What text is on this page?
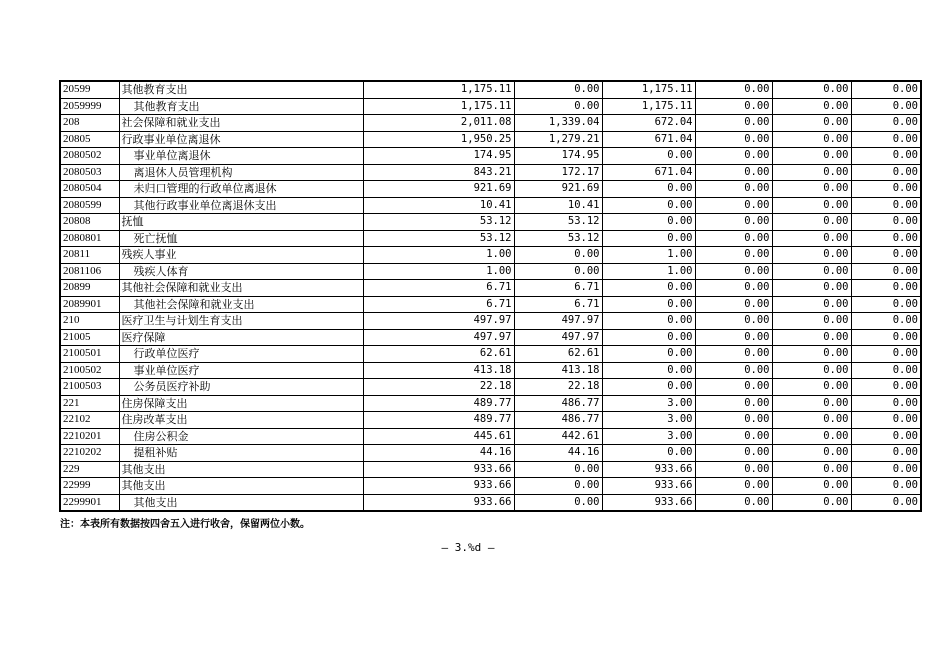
20599	其他教育支出	1,175.11	0.00	1,175.11	0.00	0.00	0.00
2059999	其他教育支出	1,175.11	0.00	1,175.11	0.00	0.00	0.00
208	社会保障和就业支出	2,011.08	1,339.04	672.04	0.00	0.00	0.00
20805	行政事业单位离退休	1,950.25	1,279.21	671.04	0.00	0.00	0.00
2080502	事业单位离退休	174.95	174.95	0.00	0.00	0.00	0.00
2080503	离退休人员管理机构	843.21	172.17	671.04	0.00	0.00	0.00
2080504	未归口管理的行政单位离退休	921.69	921.69	0.00	0.00	0.00	0.00
2080599	其他行政事业单位离退休支出	10.41	10.41	0.00	0.00	0.00	0.00
20808	抚恤	53.12	53.12	0.00	0.00	0.00	0.00
2080801	死亡抚恤	53.12	53.12	0.00	0.00	0.00	0.00
20811	残疾人事业	1.00	0.00	1.00	0.00	0.00	0.00
2081106	残疾人体育	1.00	0.00	1.00	0.00	0.00	0.00
20899	其他社会保障和就业支出	6.71	6.71	0.00	0.00	0.00	0.00
2089901	其他社会保障和就业支出	6.71	6.71	0.00	0.00	0.00	0.00
210	医疗卫生与计划生育支出	497.97	497.97	0.00	0.00	0.00	0.00
21005	医疗保障	497.97	497.97	0.00	0.00	0.00	0.00
2100501	行政单位医疗	62.61	62.61	0.00	0.00	0.00	0.00
2100502	事业单位医疗	413.18	413.18	0.00	0.00	0.00	0.00
2100503	公务员医疗补助	22.18	22.18	0.00	0.00	0.00	0.00
221	住房保障支出	489.77	486.77	3.00	0.00	0.00	0.00
22102	住房改革支出	489.77	486.77	3.00	0.00	0.00	0.00
2210201	住房公积金	445.61	442.61	3.00	0.00	0.00	0.00
2210202	提租补贴	44.16	44.16	0.00	0.00	0.00	0.00
229	其他支出	933.66	0.00	933.66	0.00	0.00	0.00
22999	其他支出	933.66	0.00	933.66	0.00	0.00	0.00
2299901	其他支出	933.66	0.00	933.66	0.00	0.00	0.00
注：本表所有数据按四舍五入进行收舍，保留两位小数。
— 3.%d —
